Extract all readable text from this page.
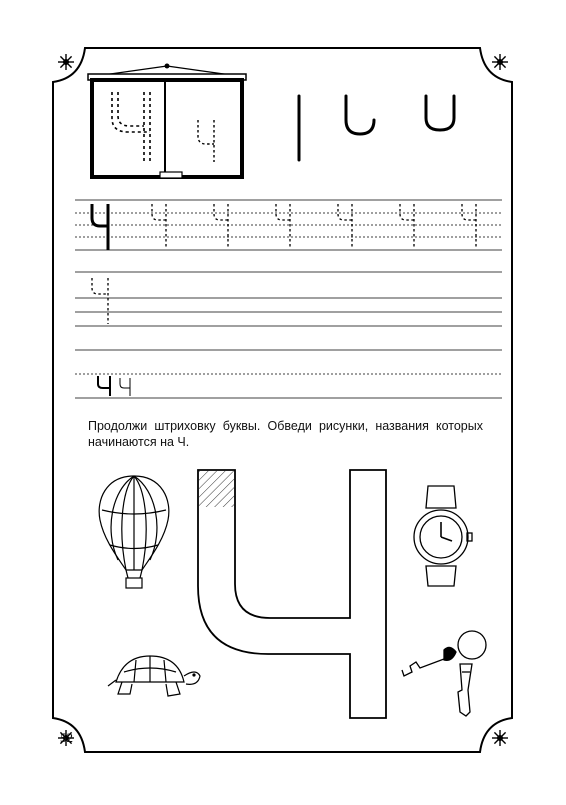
Продолжи штриховку буквы. Обведи рисунки, названия которых начинаются на Ч.
52
